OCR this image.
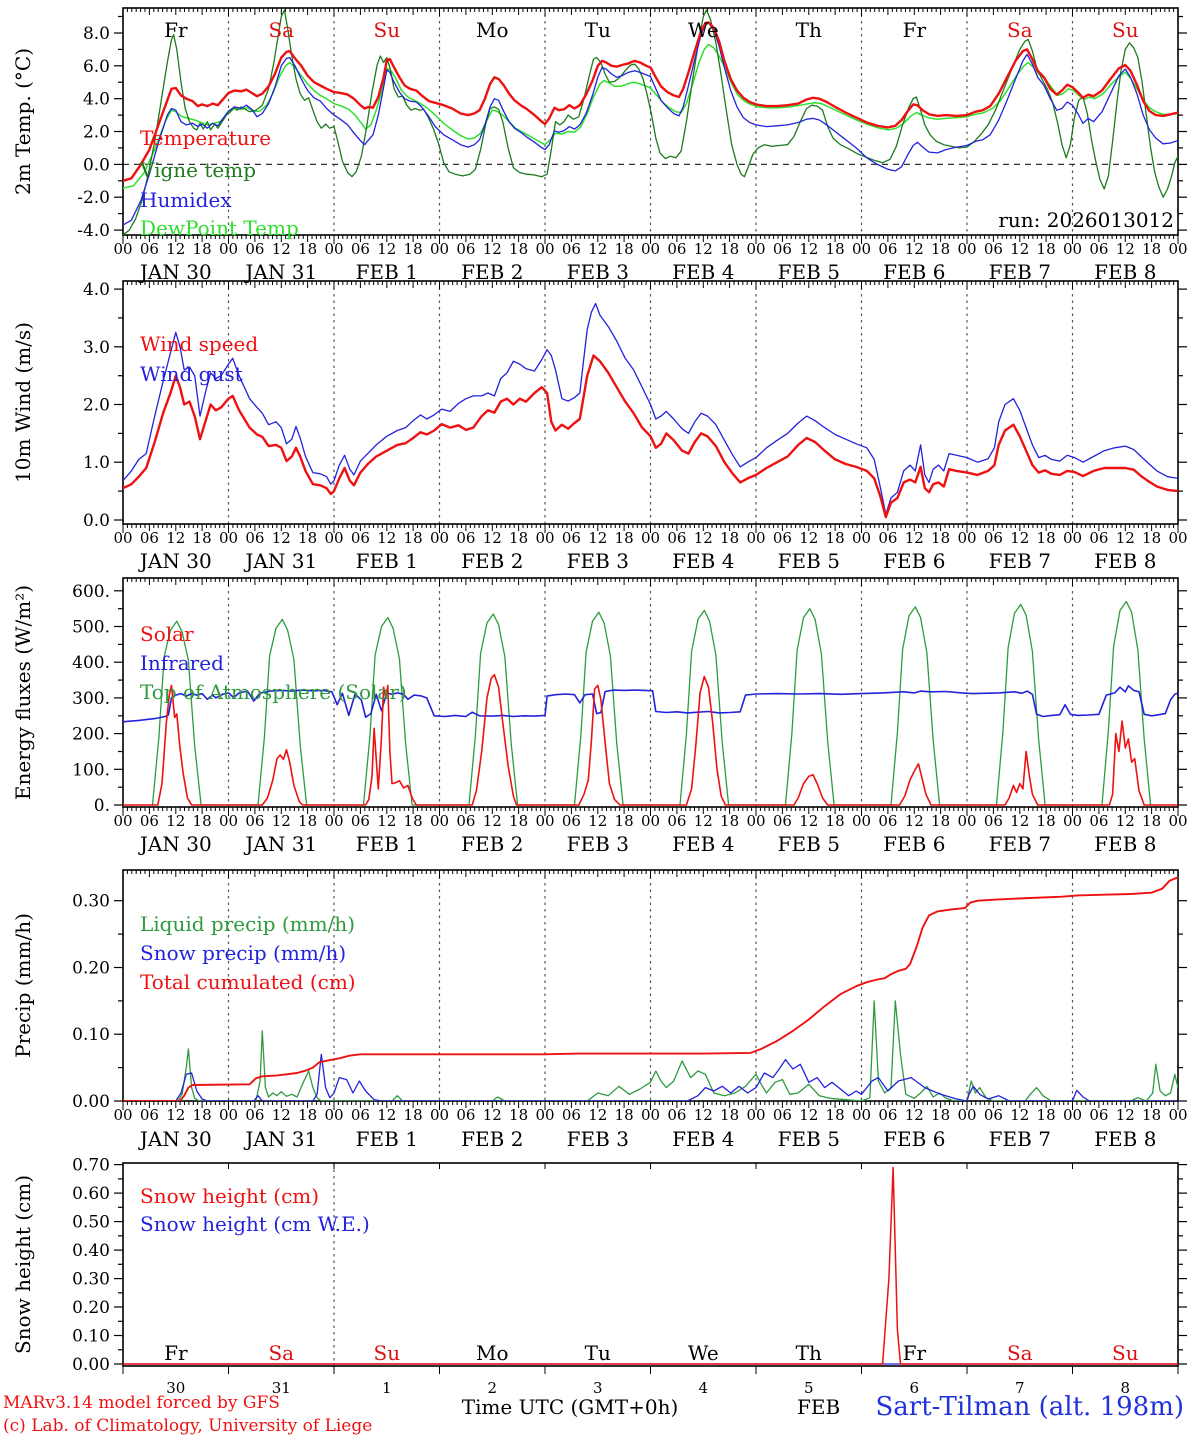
-4.0
-2.0
0.0
2.0
4.0
6.0
8.0
Temperature
Vigne temp
Humidex
DewPoint Temp
Fr	Sa	Su	Mo	Tu	We	Th	Fr	Sa	Su
00 06 12 18 00 06 12 18 00 06 12 18 00 06 12 18 00 06 12 18 00 06 12 18 00 06 12 18 00 06 12 18 00 06 12 18 00 06 12 18 00
JAN 30 JAN 31 FEB 1 FEB 2 FEB 3 FEB 4 FEB 5 FEB 6 FEB 7 FEB 8
run: 2026013012
2m Temp. (°C)
0.0
1.0
2.0
3.0
4.0
Wind speed
Wind gust
00 06 12 18 00 06 12 18 00 06 12 18 00 06 12 18 00 06 12 18 00 06 12 18 00 06 12 18 00 06 12 18 00 06 12 18 00 06 12 18 00
JAN 30 JAN 31 FEB 1 FEB 2 FEB 3 FEB 4 FEB 5 FEB 6 FEB 7 FEB 8
10m Wind (m/s)
0.
100.
200.
300.
400.
500.
600.
Solar
Infrared
Top of Atmosphere (Solar)
00 06 12 18 00 06 12 18 00 06 12 18 00 06 12 18 00 06 12 18 00 06 12 18 00 06 12 18 00 06 12 18 00 06 12 18 00 06 12 18 00
JAN 30 JAN 31 FEB 1 FEB 2 FEB 3 FEB 4 FEB 5 FEB 6 FEB 7 FEB 8
Energy fluxes (W/m²)
0.00
0.10
0.20
0.30
Liquid precip (mm/h)
Snow precip (mm/h)
Total cumulated (cm)
00 06 12 18 00 06 12 18 00 06 12 18 00 06 12 18 00 06 12 18 00 06 12 18 00 06 12 18 00 06 12 18 00 06 12 18 00 06 12 18 00
JAN 30 JAN 31 FEB 1 FEB 2 FEB 3 FEB 4 FEB 5 FEB 6 FEB 7 FEB 8
Precip (mm/h)
0.00
0.10
0.20
0.30
0.40
0.50
0.60
0.70
Snow height (cm)
Snow height (cm W.E.)
Fr	Sa	Su	Mo	Tu	We	Th	Fr	Sa	Su
30	31	1	2	3	4	5	6	7	8
Snow height (cm)
MARv3.14 model forced by GFS
(c) Lab. of Climatology, University of Liege
Time UTC (GMT+0h)	FEB Sart-Tilman (alt. 198m)
